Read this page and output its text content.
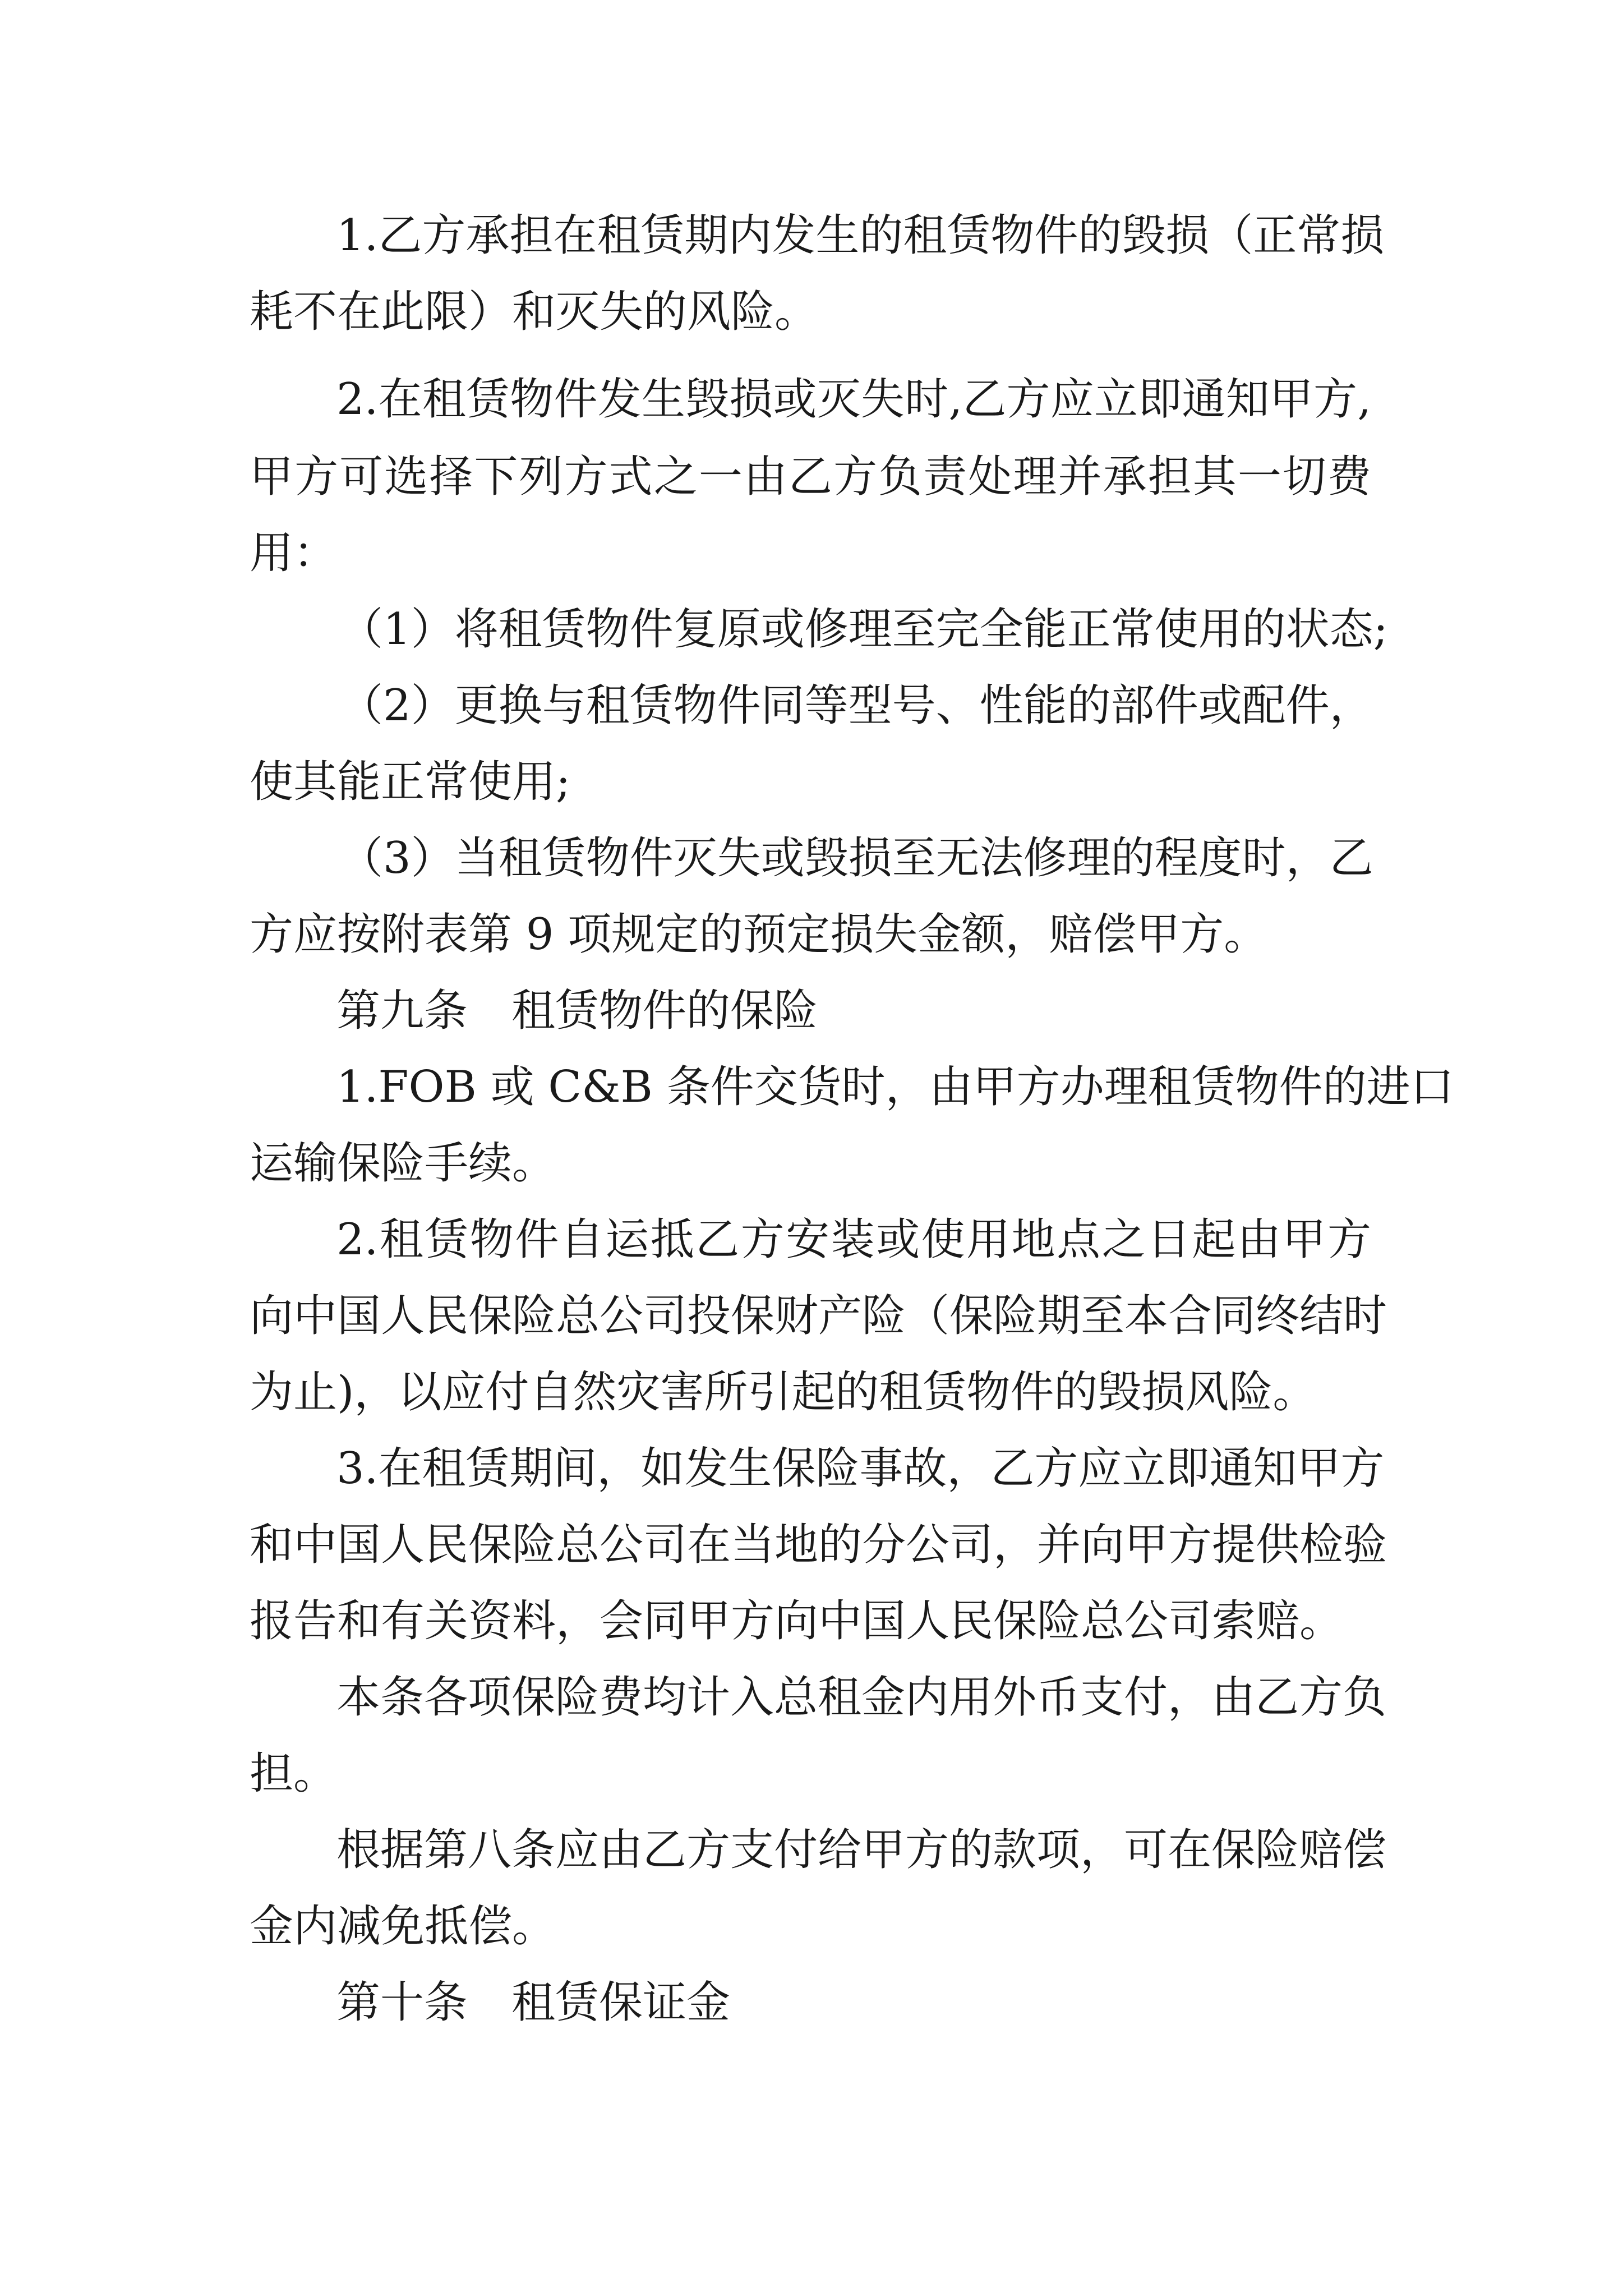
1.乙方承担在租赁期内发生的租赁物件的毁损（正常损
耗不在此限）和灭失的风险。
2.在租赁物件发生毁损或灭失时,乙方应立即通知甲方,
甲方可选择下列方式之一由乙方负责处理并承担其一切费
用：
（1）将租赁物件复原或修理至完全能正常使用的状态;
（2）更换与租赁物件同等型号、性能的部件或配件，
使其能正常使用;
（3）当租赁物件灭失或毁损至无法修理的程度时，乙
方应按附表第 9 项规定的预定损失金额，赔偿甲方。
第九条　租赁物件的保险
1.FOB 或 C&B 条件交货时，由甲方办理租赁物件的进口
运输保险手续。
2.租赁物件自运抵乙方安装或使用地点之日起由甲方
向中国人民保险总公司投保财产险（保险期至本合同终结时
为止)，以应付自然灾害所引起的租赁物件的毁损风险。
3.在租赁期间，如发生保险事故，乙方应立即通知甲方
和中国人民保险总公司在当地的分公司，并向甲方提供检验
报告和有关资料，会同甲方向中国人民保险总公司索赔。
本条各项保险费均计入总租金内用外币支付，由乙方负
担。
根据第八条应由乙方支付给甲方的款项，可在保险赔偿
金内减免抵偿。
第十条　租赁保证金
